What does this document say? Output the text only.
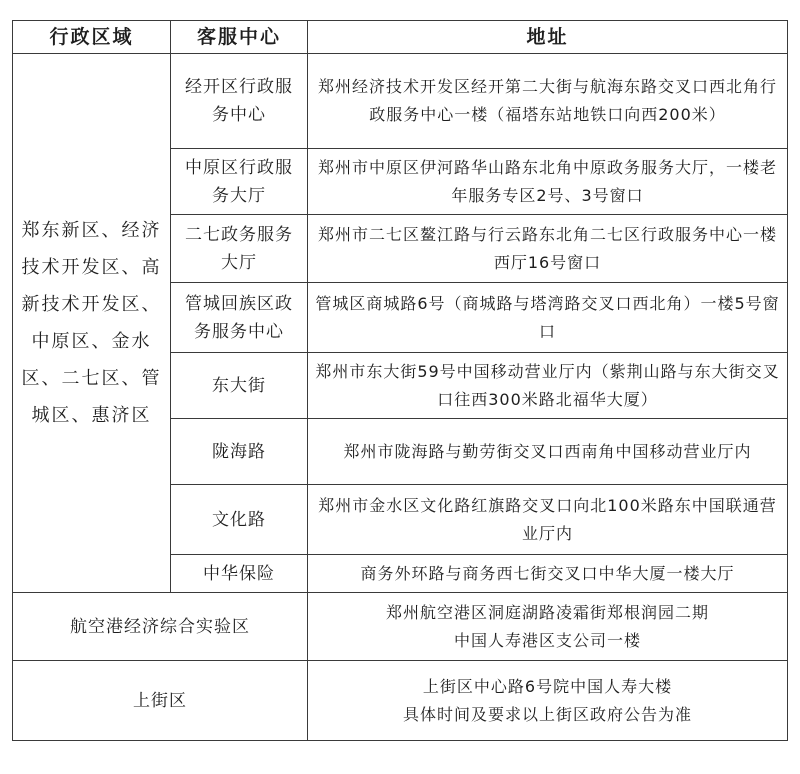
行政区域	客服中心	地址
郑东新区、经济技术开发区、高新技术开发区、中原区、金水区、二七区、管城区、惠济区	经开区行政服务中心	郑州经济技术开发区经开第二大街与航海东路交叉口西北角行政服务中心一楼（福塔东站地铁口向西200米）
	中原区行政服务大厅	郑州市中原区伊河路华山路东北角中原政务服务大厅，一楼老年服务专区2号、3号窗口
	二七政务服务大厅	郑州市二七区鳌江路与行云路东北角二七区行政服务中心一楼西厅16号窗口
	管城回族区政务服务中心	管城区商城路6号（商城路与塔湾路交叉口西北角）一楼5号窗口
	东大街	郑州市东大街59号中国移动营业厅内（紫荆山路与东大街交叉口往西300米路北福华大厦）
	陇海路	郑州市陇海路与勤劳街交叉口西南角中国移动营业厅内
	文化路	郑州市金水区文化路红旗路交叉口向北100米路东中国联通营业厅内
	中华保险	商务外环路与商务西七街交叉口中华大厦一楼大厅
航空港经济综合实验区		郑州航空港区洞庭湖路凌霜街郑根润园二期
中国人寿港区支公司一楼

上街区		上街区中心路6号院中国人寿大楼
具体时间及要求以上街区政府公告为准
